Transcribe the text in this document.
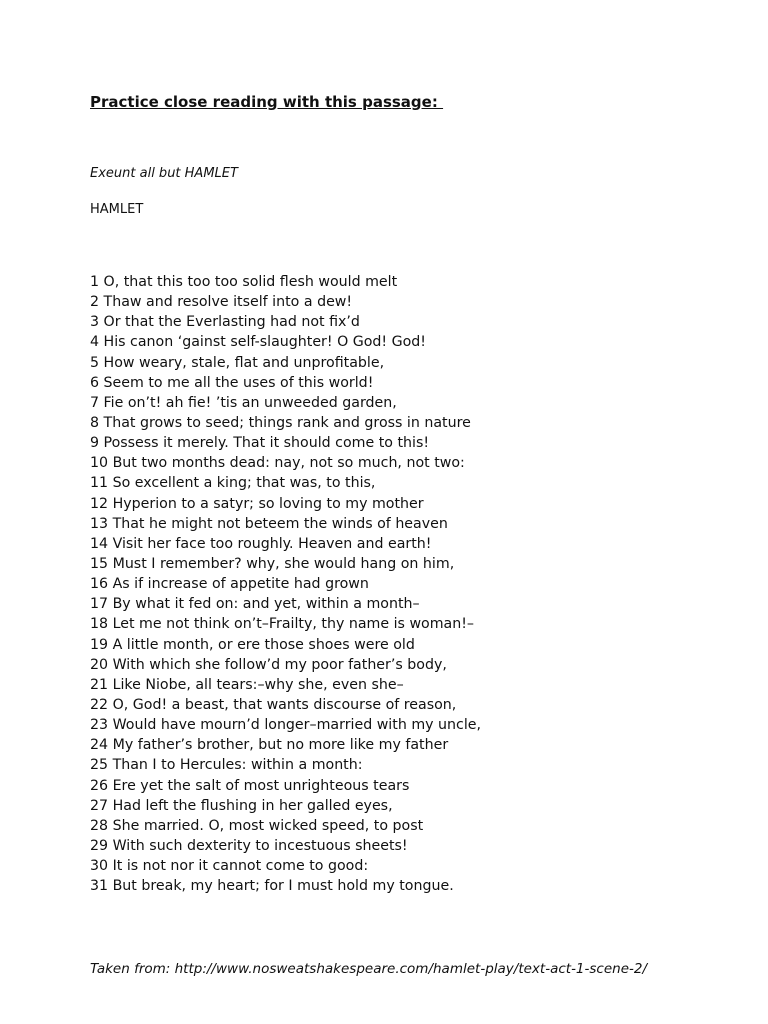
Practice close reading with this passage:

Exeunt all but HAMLET

HAMLET

1 O, that this too too solid flesh would melt
2 Thaw and resolve itself into a dew!
3 Or that the Everlasting had not fix’d
4 His canon ‘gainst self-slaughter! O God! God!
5 How weary, stale, flat and unprofitable,
6 Seem to me all the uses of this world!
7 Fie on’t! ah fie! ’tis an unweeded garden,
8 That grows to seed; things rank and gross in nature
9 Possess it merely. That it should come to this!
10 But two months dead: nay, not so much, not two:
11 So excellent a king; that was, to this,
12 Hyperion to a satyr; so loving to my mother
13 That he might not beteem the winds of heaven
14 Visit her face too roughly. Heaven and earth!
15 Must I remember? why, she would hang on him,
16 As if increase of appetite had grown
17 By what it fed on: and yet, within a month–
18 Let me not think on’t–Frailty, thy name is woman!–
19 A little month, or ere those shoes were old
20 With which she follow’d my poor father’s body,
21 Like Niobe, all tears:–why she, even she–
22 O, God! a beast, that wants discourse of reason,
23 Would have mourn’d longer–married with my uncle,
24 My father’s brother, but no more like my father
25 Than I to Hercules: within a month:
26 Ere yet the salt of most unrighteous tears
27 Had left the flushing in her galled eyes,
28 She married. O, most wicked speed, to post
29 With such dexterity to incestuous sheets!
30 It is not nor it cannot come to good:
31 But break, my heart; for I must hold my tongue.

Taken from: http://www.nosweatshakespeare.com/hamlet-play/text-act-1-scene-2/
